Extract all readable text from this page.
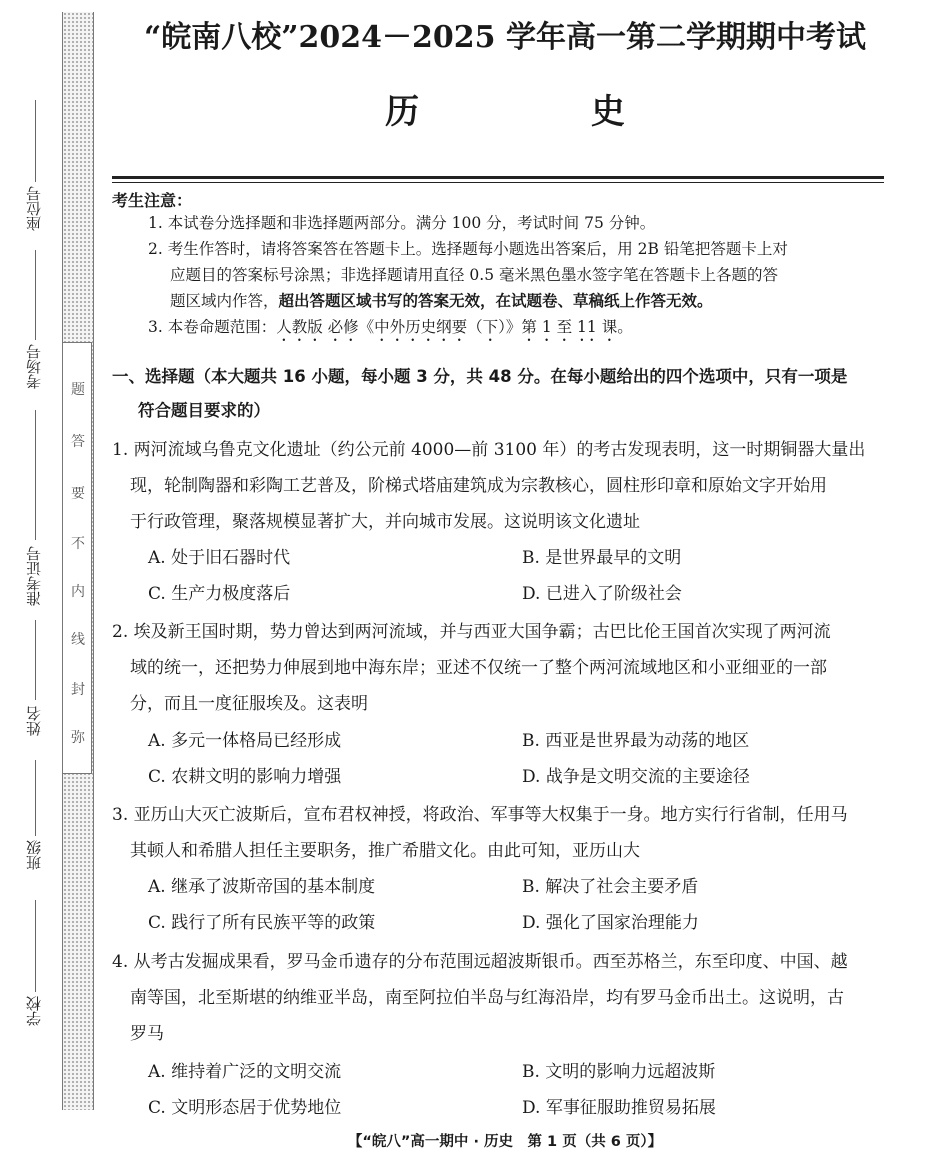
题
答
要
不
内
线
封
弥
座位号
考场号
准考证号
姓名
班级
学校
“皖南八校”2024－2025 学年高一第二学期期中考试
历 史
考生注意：
1. 本试卷分选择题和非选择题两部分。满分 100 分，考试时间 75 分钟。
2. 考生作答时，请将答案答在答题卡上。选择题每小题选出答案后，用 2B 铅笔把答题卡上对
应题目的答案标号涂黑；非选择题请用直径 0.5 毫米黑色墨水签字笔在答题卡上各题的答
题区域内作答，超出答题区域书写的答案无效，在试题卷、草稿纸上作答无效。
3. 本卷命题范围：人教版 必修《中外历史纲要（下）》第 1 至 11 课。
一、选择题（本大题共 16 小题，每小题 3 分，共 48 分。在每小题给出的四个选项中，只有一项是
符合题目要求的）
1. 两河流域乌鲁克文化遗址（约公元前 4000—前 3100 年）的考古发现表明，这一时期铜器大量出
现，轮制陶器和彩陶工艺普及，阶梯式塔庙建筑成为宗教核心，圆柱形印章和原始文字开始用
于行政管理，聚落规模显著扩大，并向城市发展。这说明该文化遗址
A. 处于旧石器时代	B. 是世界最早的文明
C. 生产力极度落后	D. 已进入了阶级社会
2. 埃及新王国时期，势力曾达到两河流域，并与西亚大国争霸；古巴比伦王国首次实现了两河流
域的统一，还把势力伸展到地中海东岸；亚述不仅统一了整个两河流域地区和小亚细亚的一部
分，而且一度征服埃及。这表明
A. 多元一体格局已经形成	B. 西亚是世界最为动荡的地区
C. 农耕文明的影响力增强	D. 战争是文明交流的主要途径
3. 亚历山大灭亡波斯后，宣布君权神授，将政治、军事等大权集于一身。地方实行行省制，任用马
其顿人和希腊人担任主要职务，推广希腊文化。由此可知，亚历山大
A. 继承了波斯帝国的基本制度	B. 解决了社会主要矛盾
C. 践行了所有民族平等的政策	D. 强化了国家治理能力
4. 从考古发掘成果看，罗马金币遗存的分布范围远超波斯银币。西至苏格兰，东至印度、中国、越
南等国，北至斯堪的纳维亚半岛，南至阿拉伯半岛与红海沿岸，均有罗马金币出土。这说明，古
罗马
A. 维持着广泛的文明交流	B. 文明的影响力远超波斯
C. 文明形态居于优势地位	D. 军事征服助推贸易拓展
【“皖八”高一期中 · 历史　第 1 页（共 6 页）】
